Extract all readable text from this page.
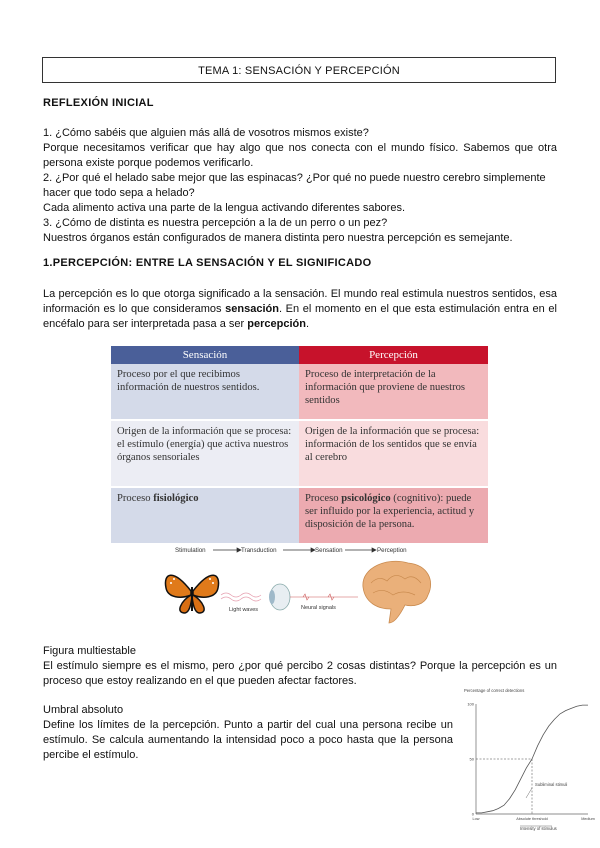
TEMA 1: SENSACIÓN Y PERCEPCIÓN
REFLEXIÓN INICIAL
1. ¿Cómo sabéis que alguien más allá de vosotros mismos existe?
Porque necesitamos verificar que hay algo que nos conecta con el mundo físico. Sabemos que otra persona existe porque podemos verificarlo.
2. ¿Por qué el helado sabe mejor que las espinacas? ¿Por qué no puede nuestro cerebro simplemente hacer que todo sepa a helado?
Cada alimento activa una parte de la lengua activando diferentes sabores.
3. ¿Cómo de distinta es nuestra percepción a la de un perro o un pez?
Nuestros órganos están configurados de manera distinta pero nuestra percepción es semejante.
1.PERCEPCIÓN: ENTRE LA SENSACIÓN Y EL SIGNIFICADO
La percepción es lo que otorga significado a la sensación. El mundo real estimula nuestros sentidos, esa información es lo que consideramos sensación. En el momento en el que esta estimulación entra en el encéfalo para ser interpretada pasa a ser percepción.
Sensación	Percepción
Proceso por el que recibimos información de nuestros sentidos.	Proceso de interpretación de la información que proviene de nuestros sentidos
Origen de la información que se procesa: el estímulo (energía) que activa nuestros órganos sensoriales	Origen de la información que se procesa: información de los sentidos que se envía al cerebro
Proceso fisiológico	Proceso psicológico (cognitivo): puede ser influido por la experiencia, actitud y disposición de la persona.
Stimulation	Transduction	Sensation	Perception
Light waves	Neural signals
Figura multiestable
El estímulo siempre es el mismo, pero ¿por qué percibo 2 cosas distintas? Porque la percepción es un proceso que estoy realizando en el que pueden afectar factores.
Umbral absoluto
Define los límites de la percepción. Punto a partir del cual una persona recibe un estímulo. Se calcula aumentando la intensidad poco a poco hasta que la persona percibe el estímulo.
Percentage of correct detections
0
50
100
Low	Absolute threshold	Medium
Subliminal stimuli
Intensity of stimulus
